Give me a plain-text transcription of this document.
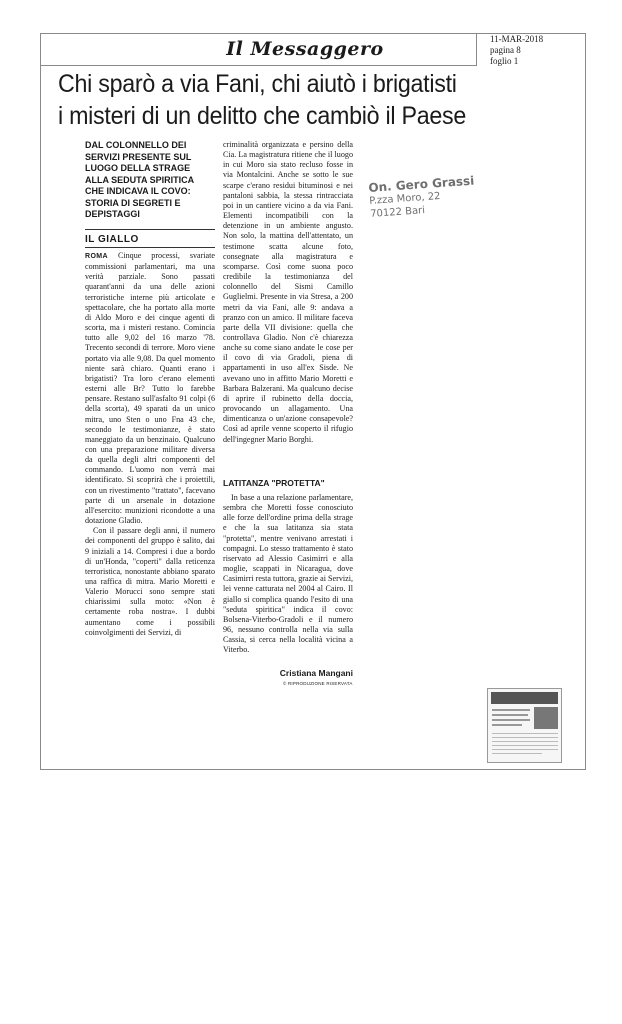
Il Messaggero	11-MAR-2018
pagina 8
foglio 1
Chi sparò a via Fani, chi aiutò i brigatisti
i misteri di un delitto che cambiò il Paese
DAL COLONNELLO DEI SERVIZI PRESENTE SUL LUOGO DELLA STRAGE ALLA SEDUTA SPIRITICA CHE INDICAVA IL COVO: STORIA DI SEGRETI E DEPISTAGGI
IL GIALLO

ROMA Cinque processi, svariate commissioni parlamentari, ma una verità parziale. Sono passati quarant'anni da una delle azioni terroristiche interne più articolate e spettacolare, che ha portato alla morte di Aldo Moro e dei cinque agenti di scorta, ma i misteri restano. Comincia tutto alle 9,02 del 16 marzo '78. Trecento secondi di terrore. Moro viene portato via alle 9,08. Da quel momento niente sarà chiaro. Quanti erano i brigatisti? Tra loro c'erano elementi esterni alle Br? Tutto lo farebbe pensare. Restano sull'asfalto 91 colpi (6 della scorta), 49 sparati da un unico mitra, uno Sten o uno Fna 43 che, secondo le testimonianze, è stato maneggiato da un benzinaio. Qualcuno con una preparazione militare diversa da quella degli altri componenti del commando. L'uomo non verrà mai identificato. Si scoprirà che i proiettili, con un rivestimento "trattato", facevano parte di un arsenale in dotazione all'esercito: munizioni ricondotte a una dotazione Gladio.

Con il passare degli anni, il numero dei componenti del gruppo è salito, dai 9 iniziali a 14. Compresi i due a bordo di un'Honda, "coperti" dalla reticenza terroristica, nonostante abbiano sparato una raffica di mitra. Mario Moretti e Valerio Morucci sono sempre stati chiarissimi sulla moto: «Non è certamente roba nostra». I dubbi aumentano come i possibili coinvolgimenti dei Servizi, di

criminalità organizzata e persino della Cia. La magistratura ritiene che il luogo in cui Moro sia stato recluso fosse in via Montalcini. Anche se sotto le sue scarpe c'erano residui bituminosi e nei pantaloni sabbia, la stessa rintracciata poi in un cantiere vicino a da via Fani. Elementi incompatibili con la detenzione in un ambiente angusto. Non solo, la mattina dell'attentato, un testimone scatta alcune foto, consegnate alla magistratura e scomparse. Così come suona poco credibile la testimonianza del colonnello del Sismi Camillo Guglielmi. Presente in via Stresa, a 200 metri da via Fani, alle 9: andava a pranzo con un amico. Il militare faceva parte della VII divisione: quella che controllava Gladio. Non c'è chiarezza anche su come siano andate le cose per il covo di via Gradoli, piena di appartamenti in uso all'ex Sisde. Ne avevano uno in affitto Mario Moretti e Barbara Balzerani. Ma qualcuno decise di aprire il rubinetto della doccia, provocando un allagamento. Una dimenticanza o un'azione consapevole? Così ad aprile venne scoperto il rifugio dell'ingegner Mario Borghi.

LATITANZA "PROTETTA"

In base a una relazione parlamentare, sembra che Moretti fosse conosciuto alle forze dell'ordine prima della strage e che la sua latitanza sia stata "protetta", mentre venivano arrestati i compagni. Lo stesso trattamento è stato riservato ad Alessio Casimirri e alla moglie, scappati in Nicaragua, dove Casimirri resta tuttora, grazie ai Servizi, lei venne catturata nel 2004 al Cairo. Il giallo si complica quando l'esito di una "seduta spiritica" indica il covo: Bolsena-Viterbo-Gradoli e il numero 96, nessuno controlla nella via sulla Cassia, si cerca nella località vicina a Viterbo.

Cristiana Mangani
© RIPRODUZIONE RISERVATA
On. Gero Grassi
P.zza Moro, 22
70122 Bari
